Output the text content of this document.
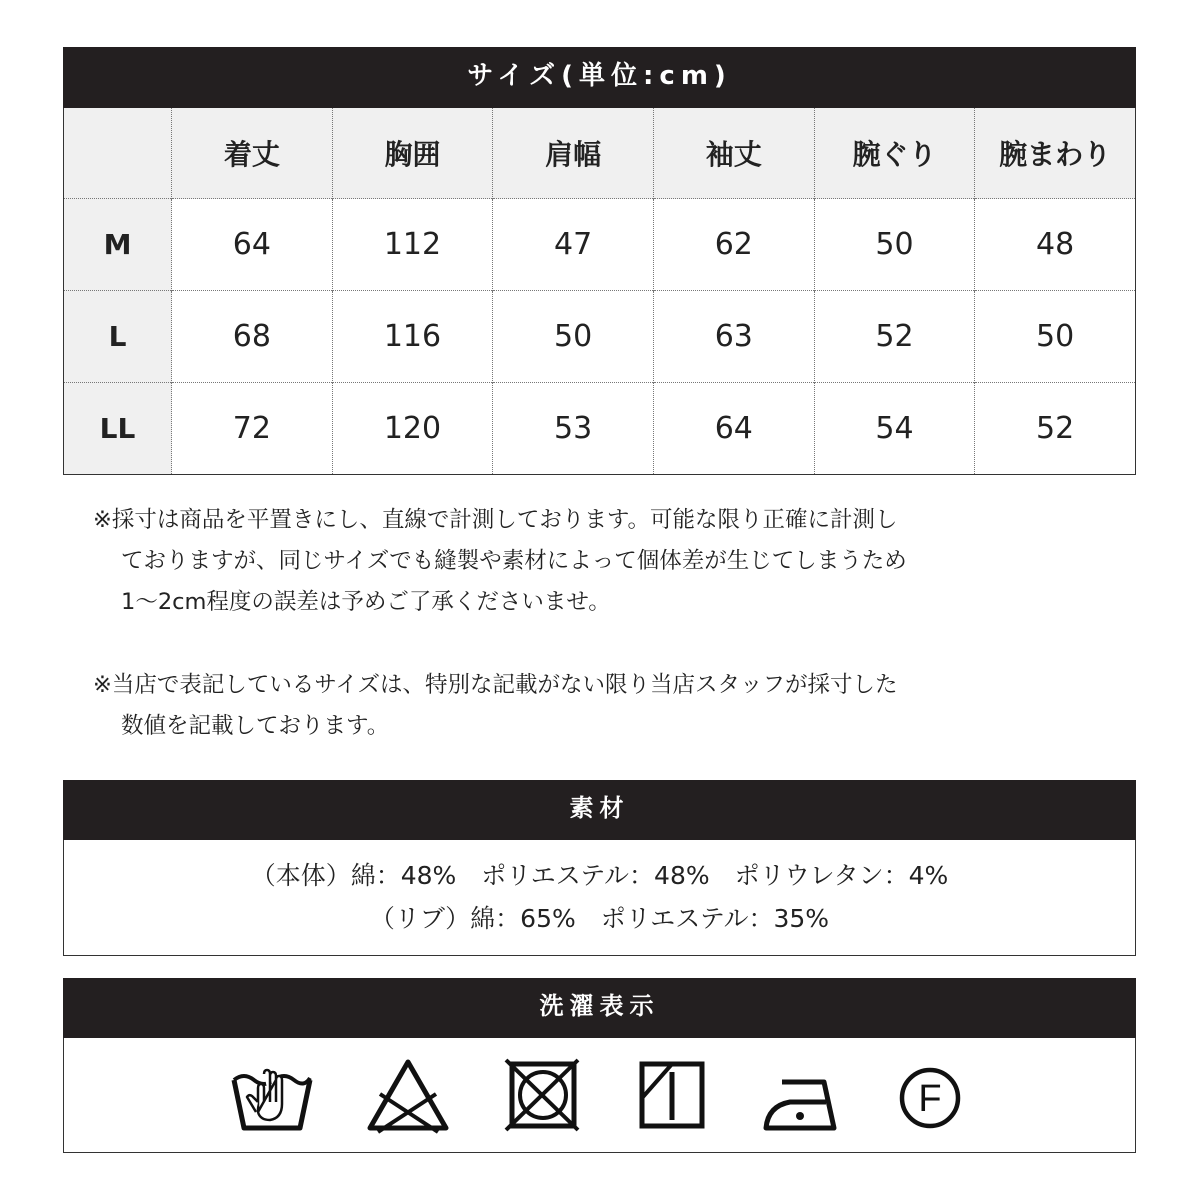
サイズ(単位:cm)
	着丈	胸囲	肩幅	袖丈	腕ぐり	腕まわり
M	64	112	47	62	50	48
L	68	116	50	63	52	50
LL	72	120	53	64	54	52

※採寸は商品を平置きにし、直線で計測しております。可能な限り正確に計測し

ておりますが、同じサイズでも縫製や素材によって個体差が生じてしまうため

1〜2cm程度の誤差は予めご了承くださいませ。

※当店で表記しているサイズは、特別な記載がない限り当店スタッフが採寸した

数値を記載しております。

素材
（本体）綿：48%　ポリエステル：48%　ポリウレタン：4%
（リブ）綿：65%　ポリエステル：35%
洗濯表示
F
